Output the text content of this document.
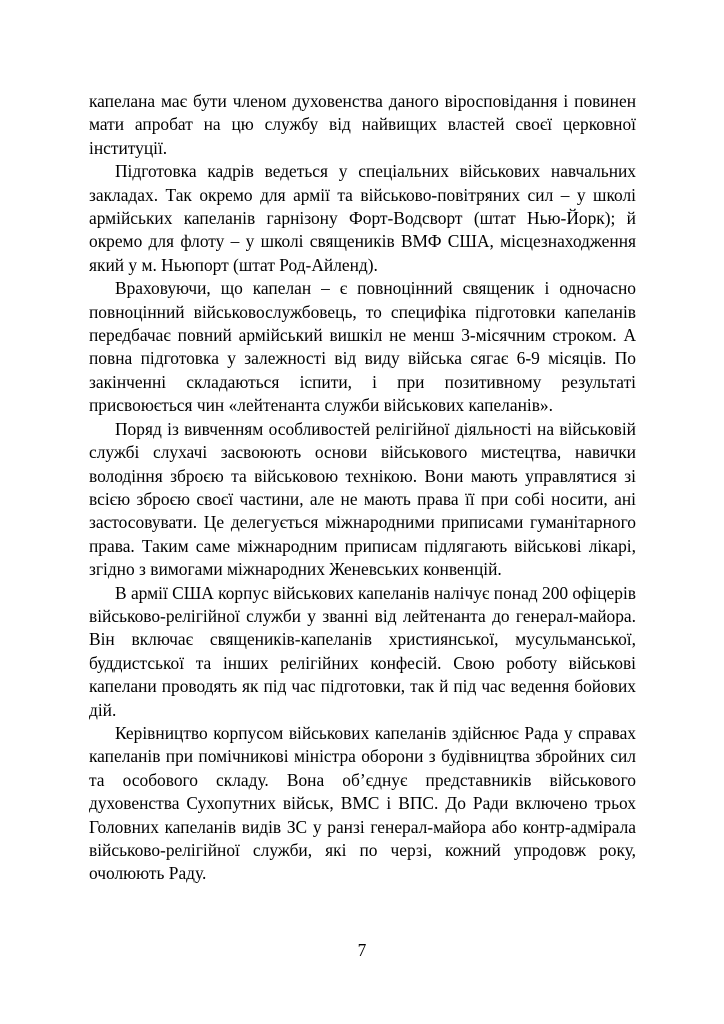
капелана має бути членом духовенства даного віросповідання і повинен мати апробат на цю службу від найвищих властей своєї церковної інституції.

Підготовка кадрів ведеться у спеціальних військових навчальних закладах. Так окремо для армії та військово-повітряних сил – у школі армійських капеланів гарнізону Форт-Водсворт (штат Нью-Йорк); й окремо для флоту – у школі священиків ВМФ США, місцезнаходження який у м. Ньюпорт (штат Род-Айленд).

Враховуючи, що капелан – є повноцінний священик і одночасно повноцінний військовослужбовець, то специфіка підготовки капеланів передбачає повний армійський вишкіл не менш 3-місячним строком. А повна підготовка у залежності від виду війська сягає 6-9 місяців. По закінченні складаються іспити, і при позитивному результаті присвоюється чин «лейтенанта служби військових капеланів».

Поряд із вивченням особливостей релігійної діяльності на військовій службі слухачі засвоюють основи військового мистецтва, навички володіння зброєю та військовою технікою. Вони мають управлятися зі всією зброєю своєї частини, але не мають права її при собі носити, ані застосовувати. Це делегується міжнародними приписами гуманітарного права. Таким саме міжнародним приписам підлягають військові лікарі, згідно з вимогами міжнародних Женевських конвенцій.

В армії США корпус військових капеланів налічує понад 200 офіцерів військово-релігійної служби у званні від лейтенанта до генерал-майора. Він включає священиків-капеланів християнської, мусульманської, буддистської та інших релігійних конфесій. Свою роботу військові капелани проводять як під час підготовки, так й під час ведення бойових дій.

Керівництво корпусом військових капеланів здійснює Рада у справах капеланів при помічникові міністра оборони з будівництва збройних сил та особового складу. Вона об’єднує представників військового духовенства Сухопутних військ, ВМС і ВПС. До Ради включено трьох Головних капеланів видів ЗС у ранзі генерал-майора або контр-адмірала військово-релігійної служби, які по черзі, кожний упродовж року, очолюють Раду.

7
